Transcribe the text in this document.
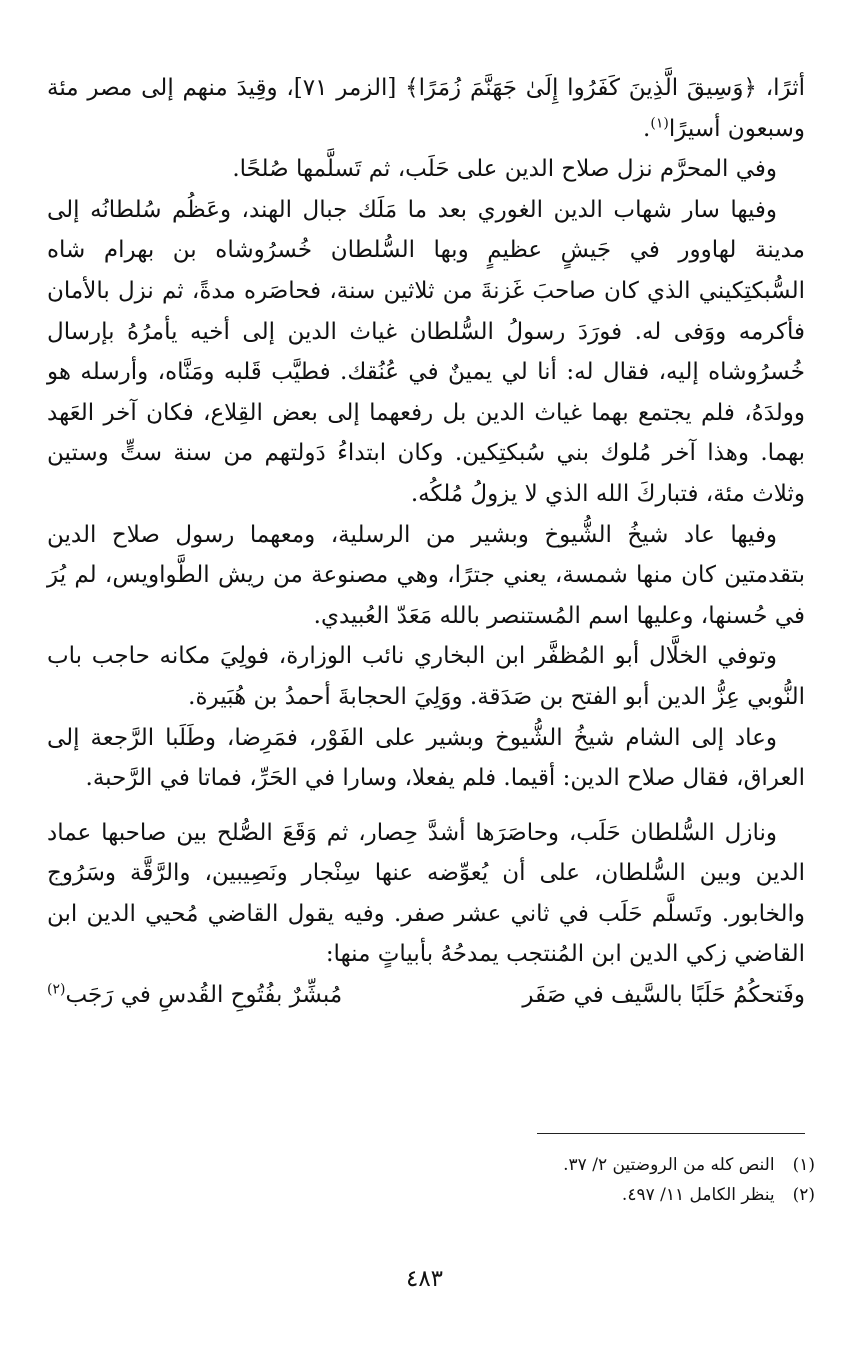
أثرًا، ﴿وَسِيقَ الَّذِينَ كَفَرُوا إِلَىٰ جَهَنَّمَ زُمَرًا﴾ [الزمر ٧١]، وقِيدَ منهم إلى مصر مئة وسبعون أسيرًا$^{(١)}$.

وفي المحرَّم نزل صلاح الدين على حَلَب، ثم تَسلَّمها صُلحًا.

وفيها سار شهاب الدين الغوري بعد ما مَلَك جبال الهند، وعَظُم سُلطانُه إلى مدينة لهاوور في جَيشٍ عظيمٍ وبها السُّلطان خُسرُوشاه بن بهرام شاه السُّبكتِكيني الذي كان صاحبَ غَزنةَ من ثلاثين سنة، فحاصَره مدةً، ثم نزل بالأمان فأكرمه ووَفى له. فورَدَ رسولُ السُّلطان غياث الدين إلى أخيه يأمرُهُ بإرسال خُسرُوشاه إليه، فقال له: أنا لي يمينٌ في عُنُقك. فطيَّب قَلبه ومَنَّاه، وأرسله هو وولدَهُ، فلم يجتمع بهما غياث الدين بل رفعهما إلى بعض القِلاع، فكان آخر العَهد بهما. وهذا آخر مُلوك بني سُبكتِكين. وكان ابتداءُ دَولتهم من سنة ستٍّ وستين وثلاث مئة، فتباركَ الله الذي لا يزولُ مُلكُه.

وفيها عاد شيخُ الشُّيوخ وبشير من الرسلية، ومعهما رسول صلاح الدين بتقدمتين كان منها شمسة، يعني جترًا، وهي مصنوعة من ريش الطَّواويس، لم يُرَ في حُسنها، وعليها اسم المُستنصر بالله مَعَدّ العُبيدي.

وتوفي الخلَّال أبو المُظفَّر ابن البخاري نائب الوزارة، فولِيَ مكانه حاجب باب النُّوبي عِزُّ الدين أبو الفتح بن صَدَقة. ووَلِيَ الحجابةَ أحمدُ بن هُبَيرة.

وعاد إلى الشام شيخُ الشُّيوخ وبشير على الفَوْر، فمَرِضا، وطَلَبا الرَّجعة إلى العراق، فقال صلاح الدين: أقيما. فلم يفعلا، وسارا في الحَرِّ، فماتا في الرَّحبة.

ونازل السُّلطان حَلَب، وحاصَرَها أشدَّ حِصار، ثم وَقَعَ الصُّلح بين صاحبها عماد الدين وبين السُّلطان، على أن يُعوِّضه عنها سِنْجار ونَصِيبين، والرَّقَّة وسَرُوج والخابور. وتَسلَّم حَلَب في ثاني عشر صفر. وفيه يقول القاضي مُحيي الدين ابن القاضي زكي الدين ابن المُنتجب يمدحُهُ بأبياتٍ منها:

وفَتحكُمُ حَلَبًا بالسَّيف في صَفَر
مُبشِّرٌ بفُتُوحِ القُدسِ في رَجَب$^{(٢)}$

(١)
النص كله من الروضتين ٢/ ٣٧.
(٢)
ينظر الكامل ١١/ ٤٩٧.
٤٨٣
